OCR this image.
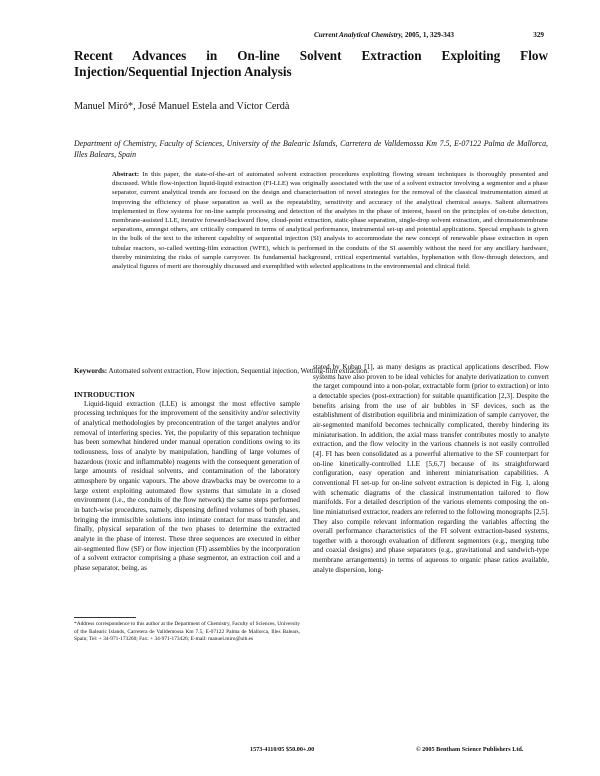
Current Analytical Chemistry, 2005, 1, 329-343	329
Recent Advances in On-line Solvent Extraction Exploiting Flow Injection/Sequential Injection Analysis
Manuel Miró*, José Manuel Estela and Víctor Cerdà
Department of Chemistry, Faculty of Sciences, University of the Balearic Islands, Carretera de Valldemossa Km 7.5, E-07122 Palma de Mallorca, Illes Balears, Spain

Abstract: In this paper, the state-of-the-art of automated solvent extraction procedures exploiting flowing stream techniques is thoroughly presented and discussed. While flow-injection liquid-liquid extraction (FI-LLE) was originally associated with the use of a solvent extractor involving a segmentor and a phase separator, current analytical trends are focused on the design and characterisation of novel strategies for the removal of the classical instrumentation aimed at improving the efficiency of phase separation as well as the repeatability, sensitivity and accuracy of the analytical chemical assays. Salient alternatives implemented in flow systems for on-line sample processing and detection of the analytes in the phase of interest, based on the principles of on-tube detection, membrane-assisted LLE, iterative forward-backward flow, cloud-point extraction, static-phase separation, single-drop solvent extraction, and chromatomembrane separations, amongst others, are critically compared in terms of analytical performance, instrumental set-up and potential applications. Special emphasis is given in the bulk of the text to the inherent capability of sequential injection (SI) analysis to accommodate the new concept of renewable phase extraction in open tubular reactors, so-called wetting-film extraction (WFE), which is performed in the conduits of the SI assembly without the need for any ancillary hardware, thereby minimizing the risks of sample carryover. Its fundamental background, critical experimental variables, hyphenation with flow-through detectors, and analytical figures of merit are thoroughly discussed and exemplified with selected applications in the environmental and clinical field.

Keywords: Automated solvent extraction, Flow injection, Sequential injection, Wetting-film extraction.

INTRODUCTION

Liquid-liquid extraction (LLE) is amongst the most effective sample processing techniques for the improvement of the sensitivity and/or selectivity of analytical methodologies by preconcentration of the target analytes and/or removal of interfering species. Yet, the popularity of this separation technique has been somewhat hindered under manual operation conditions owing to its tediousness, loss of analyte by manipulation, handling of large volumes of hazardous (toxic and inflammable) reagents with the consequent generation of large amounts of residual solvents, and contamination of the laboratory atmosphere by organic vapours. The above drawbacks may be overcome to a large extent exploiting automated flow systems that simulate in a closed environment (i.e., the conduits of the flow network) the same steps performed in batch-wise procedures, namely, dispensing defined volumes of both phases, bringing the immiscible solutions into intimate contact for mass transfer, and finally, physical separation of the two phases to determine the extracted analyte in the phase of interest. These three sequences are executed in either air-segmented flow (SF) or flow injection (FI) assemblies by the incorporation of a solvent extractor comprising a phase segmentor, an extraction coil and a phase separator, being, as

stated by Kuban [1], as many designs as practical applications described. Flow systems have also proven to be ideal vehicles for analyte derivatization to convert the target compound into a non-polar, extractable form (prior to extraction) or into a detectable species (post-extraction) for suitable quantification [2,3]. Despite the benefits arising from the use of air bubbles in SF devices, such as the establishment of distribution equilibria and minimization of sample carryover, the air-segmented manifold becomes technically complicated, thereby hindering its miniaturisation. In addition, the axial mass transfer contributes mostly to analyte extraction, and the flow velocity in the various channels is not easily controlled [4]. FI has been consolidated as a powerful alternative to the SF counterpart for on-line kinetically-controlled LLE [5,6,7] because of its straightforward configuration, easy operation and inherent miniaturisation capabilities. A conventional FI set-up for on-line solvent extraction is depicted in Fig. 1, along with schematic diagrams of the classical instrumentation tailored to flow manifolds. For a detailed description of the various elements composing the on-line miniaturised extractor, readers are referred to the following monographs [2,5]. They also compile relevant information regarding the variables affecting the overall performance characteristics of the FI solvent extraction-based systems, together with a thorough evaluation of different segmentors (e.g., merging tube and coaxial designs) and phase separators (e.g., gravitational and sandwich-type membrane arrangements) in terms of aqueous to organic phase ratios available, analyte dispersion, long-

*Address correspondence to this author at the Department of Chemistry, Faculty of Sciences, University of the Balearic Islands, Carretera de Valldemossa Km 7.5, E-07122 Palma de Mallorca, Illes Balears, Spain; Tel: + 34-971-173260; Fax: + 34-971-173426; E-mail: manuel.miro@uib.es
1573-4110/05 $50.00+.00	© 2005 Bentham Science Publishers Ltd.
